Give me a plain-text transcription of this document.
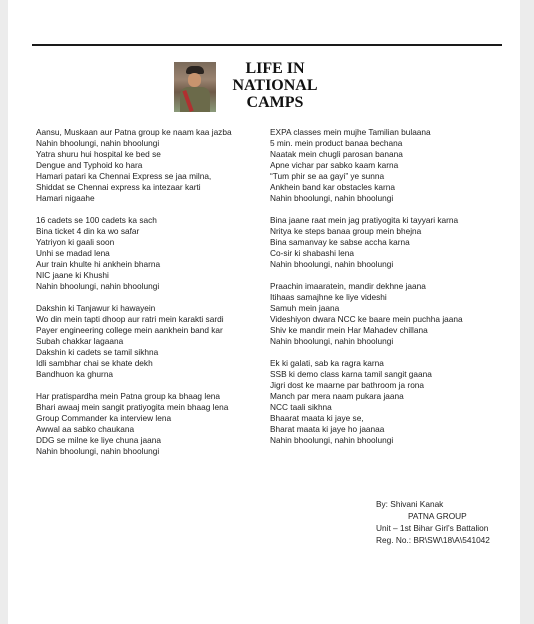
LIFE IN
NATIONAL
CAMPS
Aansu, Muskaan aur Patna group ke naam kaa jazba
Nahin bhoolungi, nahin bhoolungi
Yatra shuru hui hospital ke bed se
Dengue and Typhoid ko hara
Hamari patari ka Chennai Express se jaa milna,
Shiddat se Chennai express ka intezaar karti
Hamari nigaahe
16 cadets se 100 cadets ka sach
Bina ticket 4 din ka wo safar
Yatriyon ki gaali soon
Unhi se madad lena
Aur train khulte hi ankhein bharna
NIC jaane ki Khushi
Nahin bhoolungi, nahin bhoolungi
Dakshin ki Tanjawur ki hawayein
Wo din mein tapti dhoop aur ratri mein karakti sardi
Payer engineering college mein aankhein band kar
Subah chakkar lagaana
Dakshin ki cadets se tamil sikhna
Idli sambhar chai se khate dekh
Bandhuon ka ghurna
Har pratispardha mein Patna group ka bhaag lena
Bhari awaaj mein sangit pratiyogita mein bhaag lena
Group Commander ka interview lena
Awwal aa sabko chaukana
DDG se milne ke liye chuna jaana
Nahin bhoolungi, nahin bhoolungi
EXPA classes mein mujhe Tamilian bulaana
5 min. mein product banaa bechana
Naatak mein chugli parosan banana
Apne vichar par sabko kaam karna
“Tum phir se aa gayi” ye sunna
Ankhein band kar obstacles karna
Nahin bhoolungi, nahin bhoolungi
Bina jaane raat mein jag pratiyogita ki tayyari karna
Nritya ke steps banaa group mein bhejna
Bina samanvay ke sabse accha karna
Co-sir ki shabashi lena
Nahin bhoolungi, nahin bhoolungi
Praachin imaaratein, mandir dekhne jaana
Itihaas samajhne ke liye videshi
Samuh mein jaana
Videshiyon dwara NCC ke baare mein puchha jaana
Shiv ke mandir mein Har Mahadev chillana
Nahin bhoolungi, nahin bhoolungi
Ek ki galati, sab ka ragra karna
SSB ki demo class karna tamil sangit gaana
Jigri dost ke maarne par bathroom ja rona
Manch par mera naam pukara jaana
NCC taali sikhna
Bhaarat maata ki jaye se,
Bharat maata ki jaye ho jaanaa
Nahin bhoolungi, nahin bhoolungi
By: Shivani Kanak
PATNA GROUP
Unit – 1st Bihar Girl’s Battalion
Reg. No.: BR\SW\18\A\541042
